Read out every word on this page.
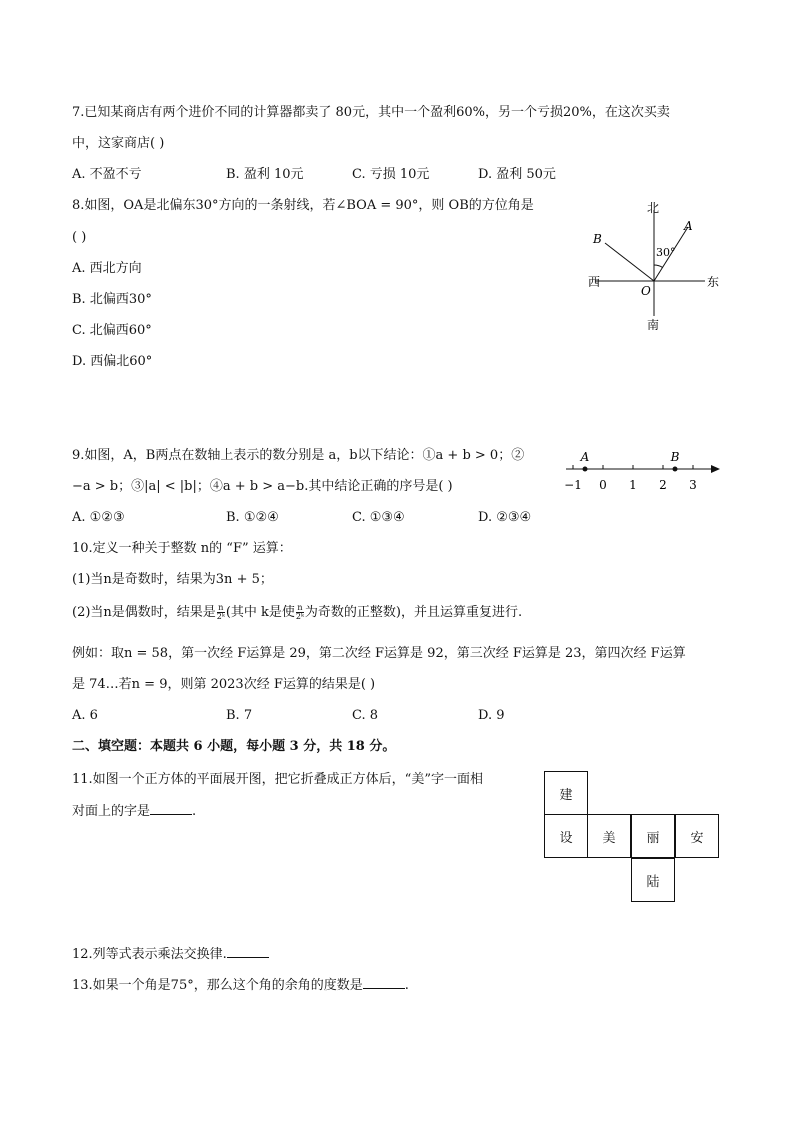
7.已知某商店有两个进价不同的计算器都卖了 80元，其中一个盈利60%，另一个亏损20%，在这次买卖
中，这家商店( )
A. 不盈不亏	B. 盈利 10元	C. 亏损 10元	D. 盈利 50元
8.如图，OA是北偏东30°方向的一条射线，若∠BOA = 90°，则 OB的方位角是
( )
A. 西北方向
B. 北偏西30°
C. 北偏西60°
D. 西偏北60°
北
南
西	东
A
B
O
30°
9.如图，A，B两点在数轴上表示的数分别是 a，b以下结论：①a + b > 0；②
−a > b；③|a| < |b|；④a + b > a−b.其中结论正确的序号是( )
A. ①②③	B. ①②④	C. ①③④	D. ②③④
−1 0 1 2 3
A	B
10.定义一种关于整数 n的 “F” 运算：
(1)当n是奇数时，结果为3n + 5；
(2)当n是偶数时，结果是 $\frac{n}{\text{2ᵏ}}$ (其中 k是使 $\frac{n}{\text{2ᵏ}}$ 为奇数的正整数)，并且运算重复进行.
例如：取n = 58，第一次经 F运算是 29，第二次经 F运算是 92，第三次经 F运算是 23，第四次经 F运算
是 74…若n = 9，则第 2023次经 F运算的结果是( )
A. 6	B. 7	C. 8	D. 9
二、填空题：本题共 6 小题，每小题 3 分，共 18 分。
11.如图一个正方体的平面展开图，把它折叠成正方体后，“美”字一面相
对面上的字是	.
建
设	美	丽	安
陆
12.列等式表示乘法交换律.
13.如果一个角是75°，那么这个角的余角的度数是	.
